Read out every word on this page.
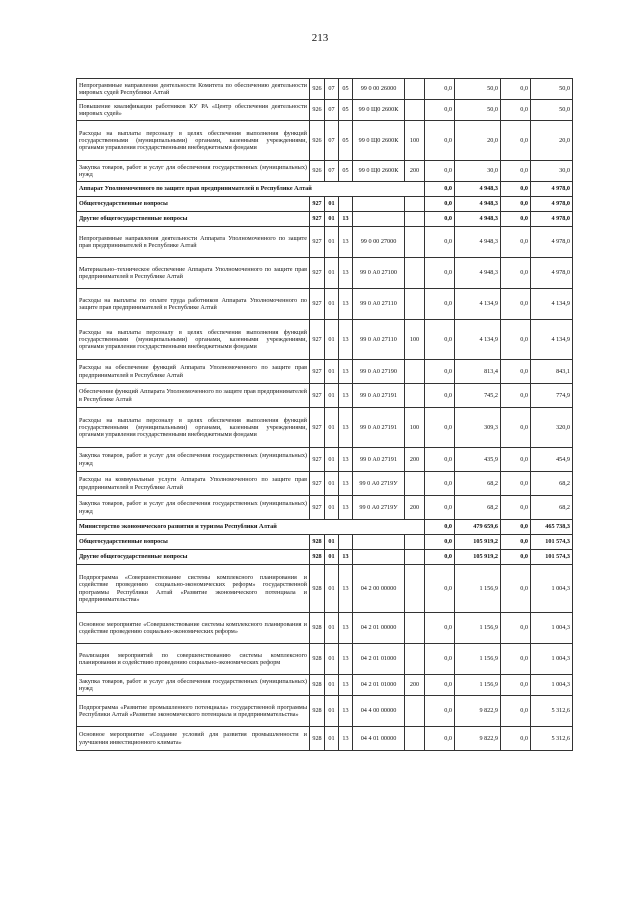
213
Непрограммные направления деятельности Комитета по обеспечению деятельности мировых судей Республики Алтай	926	07	05	99 0 00 26000		0,0	50,0	0,0	50,0
Повышение квалификации работников КУ РА «Центр обеспечения деятельности мировых судей»	926	07	05	99 0 Щ0 2600К		0,0	50,0	0,0	50,0
Расходы на выплаты персоналу в целях обеспечения выполнения функций государственными (муниципальными) органами, казенными учреждениями, органами управления государственными внебюджетными фондами	926	07	05	99 0 Щ0 2600К	100	0,0	20,0	0,0	20,0
Закупка товаров, работ и услуг для обеспечения государственных (муниципальных) нужд	926	07	05	99 0 Щ0 2600К	200	0,0	30,0	0,0	30,0
Аппарат Уполномоченного по защите прав предпринимателей в Республике Алтай						0,0	4 948,3	0,0	4 978,0
Общегосударственные вопросы	927	01				0,0	4 948,3	0,0	4 978,0
Другие общегосударственные вопросы	927	01	13			0,0	4 948,3	0,0	4 978,0
Непрограммные направления деятельности Аппарата Уполномоченного по защите прав предпринимателей в Республике Алтай	927	01	13	99 0 00 27000		0,0	4 948,3	0,0	4 978,0
Материально–техническое обеспечение Аппарата Уполномоченного по защите прав предпринимателей в Республике Алтай	927	01	13	99 0 А0 27100		0,0	4 948,3	0,0	4 978,0
Расходы на выплаты по оплате труда работников Аппарата Уполномоченного по защите прав предпринимателей в Республике Алтай	927	01	13	99 0 А0 27110		0,0	4 134,9	0,0	4 134,9
Расходы на выплаты персоналу в целях обеспечения выполнения функций государственными (муниципальными) органами, казенными учреждениями, органами управления государственными внебюджетными фондами	927	01	13	99 0 А0 27110	100	0,0	4 134,9	0,0	4 134,9
Расходы на обеспечение функций Аппарата Уполномоченного по защите прав предпринимателей в Республике Алтай	927	01	13	99 0 А0 27190		0,0	813,4	0,0	843,1
Обеспечение функций Аппарата Уполномоченного по защите прав предпринимателей в Республике Алтай	927	01	13	99 0 А0 27191		0,0	745,2	0,0	774,9
Расходы на выплаты персоналу в целях обеспечения выполнения функций государственными (муниципальными) органами, казенными учреждениями, органами управления государственными внебюджетными фондами	927	01	13	99 0 А0 27191	100	0,0	309,3	0,0	320,0
Закупка товаров, работ и услуг для обеспечения государственных (муниципальных) нужд	927	01	13	99 0 А0 27191	200	0,0	435,9	0,0	454,9
Расходы на коммунальные услуги Аппарата Уполномоченного по защите прав предпринимателей в Республике Алтай	927	01	13	99 0 А0 2719У		0,0	68,2	0,0	68,2
Закупка товаров, работ и услуг для обеспечения государственных (муниципальных) нужд	927	01	13	99 0 А0 2719У	200	0,0	68,2	0,0	68,2
Министерство экономического развития и туризма Республики Алтай						0,0	479 659,6	0,0	465 738,3
Общегосударственные вопросы	928	01				0,0	105 919,2	0,0	101 574,3
Другие общегосударственные вопросы	928	01	13			0,0	105 919,2	0,0	101 574,3
Подпрограмма «Совершенствование системы комплексного планирования и содействие проведению социально-экономических реформ» государственной программы Республики Алтай «Развитие экономического потенциала и предпринимательства»	928	01	13	04 2 00 00000		0,0	1 156,9	0,0	1 004,3
Основное мероприятие «Совершенствование системы комплексного планирования и содействие проведению социально-экономических реформ»	928	01	13	04 2 01 00000		0,0	1 156,9	0,0	1 004,3
Реализация мероприятий по совершенствованию системы комплексного планирования и содействию проведению социально-экономических реформ	928	01	13	04 2 01 01000		0,0	1 156,9	0,0	1 004,3
Закупка товаров, работ и услуг для обеспечения государственных (муниципальных) нужд	928	01	13	04 2 01 01000	200	0,0	1 156,9	0,0	1 004,3
Подпрограмма «Развитие промышленного потенциала» государственной программы Республики Алтай «Развитие экономического потенциала и предпринимательства»	928	01	13	04 4 00 00000		0,0	9 822,9	0,0	5 312,6
Основное мероприятие «Создание условий для развития промышленности и улучшения инвестиционного климата»	928	01	13	04 4 01 00000		0,0	9 822,9	0,0	5 312,6
